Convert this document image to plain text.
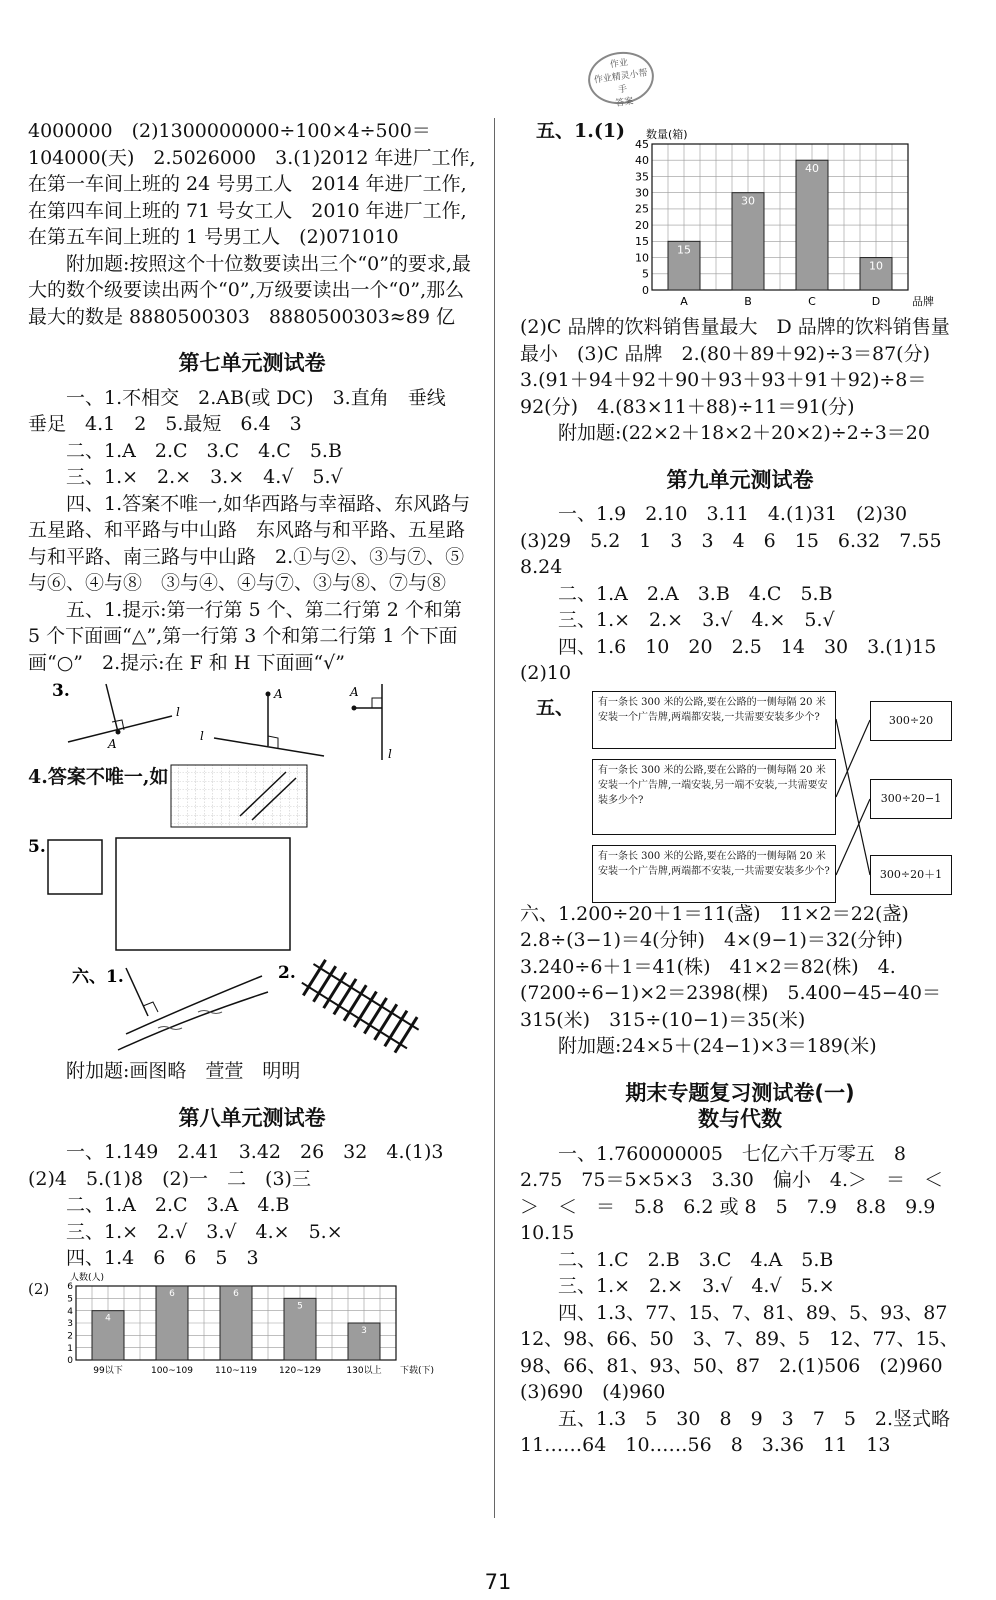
作业
作业精灵小帮手
答案

4000000　(2)1300000000÷100×4÷500＝104000(天)　2.5026000　3.(1)2012 年进厂工作,在第一车间上班的 24 号男工人　2014 年进厂工作,在第四车间上班的 71 号女工人　2010 年进厂工作,在第五车间上班的 1 号男工人　(2)071010

附加题:按照这个十位数要读出三个“0”的要求,最大的数个级要读出两个“0”,万级要读出一个“0”,那么最大的数是 8880500303　8880500303≈89 亿

第七单元测试卷

一、1.不相交　2.AB(或 DC)　3.直角　垂线　垂足　4.1　2　5.最短　6.4　3

二、1.A　2.C　3.C　4.C　5.B

三、1.×　2.×　3.×　4.√　5.√

四、1.答案不唯一,如华西路与幸福路、东风路与五星路、和平路与中山路　东风路与和平路、五星路与和平路、南三路与中山路　2.①与②、③与⑦、⑤与⑥、④与⑧　③与④、④与⑦、③与⑧、⑦与⑧

五、1.提示:第一行第 5 个、第二行第 2 个和第 5 个下面画“△”,第一行第 3 个和第二行第 1 个下面画“○”　2.提示:在 F 和 H 下面画“√”

3.
A
l
A
l
A
l
4.答案不唯一,如
5.
六、1.	2.

附加题:画图略　萱萱　明明

第八单元测试卷

一、1.149　2.41　3.42　26　32　4.(1)3　(2)4　5.(1)8　(2)一　二　(3)三

二、1.A　2.C　3.A　4.B

三、1.×　2.√　3.√　4.×　5.×

四、1.4　6　6　5　3

(2)
0
1
2
3
4
5
6
4
99以下
6
100~109
6
110~119
5
120~129
3
130以上
人数(人)
下载(下)
五、1.(1)
0
5
10
15
20
25
30
35
40
45
15
A
30
B
40
C
10
D
数量(箱)
品牌

(2)C 品牌的饮料销售量最大　D 品牌的饮料销售量最小　(3)C 品牌　2.(80＋89＋92)÷3＝87(分)　3.(91＋94＋92＋90＋93＋93＋91＋92)÷8＝92(分)　4.(83×11＋88)÷11＝91(分)

附加题:(22×2＋18×2＋20×2)÷2÷3＝20

第九单元测试卷

一、1.9　2.10　3.11　4.(1)31　(2)30　(3)29　5.2　1　3　3　4　6　15　6.32　7.55　8.24

二、1.A　2.A　3.B　4.C　5.B

三、1.×　2.×　3.√　4.×　5.√

四、1.6　10　20　2.5　14　30　3.(1)15　(2)10

五、	有一条长 300 米的公路,要在公路的一侧每隔 20 米安装一个广告牌,两端都安装,一共需要安装多少个?
有一条长 300 米的公路,要在公路的一侧每隔 20 米安装一个广告牌,一端安装,另一端不安装,一共需要安装多少个?
有一条长 300 米的公路,要在公路的一侧每隔 20 米安装一个广告牌,两端都不安装,一共需要安装多少个?
300÷20
300÷20−1
300÷20＋1

六、1.200÷20＋1＝11(盏)　11×2＝22(盏)　2.8÷(3−1)＝4(分钟)　4×(9−1)＝32(分钟)　3.240÷6＋1＝41(株)　41×2＝82(株)　4.(7200÷6−1)×2＝2398(棵)　5.400−45−40＝315(米)　315÷(10−1)＝35(米)

附加题:24×5＋(24−1)×3＝189(米)

期末专题复习测试卷(一)
数与代数

一、1.760000005　七亿六千万零五　8　2.75　75＝5×5×3　3.30　偏小　4.＞　＝　＜　＞　＜　＝　5.8　6.2 或 8　5　7.9　8.8　9.9　10.15

二、1.C　2.B　3.C　4.A　5.B

三、1.×　2.×　3.√　4.√　5.×

四、1.3、77、15、7、81、89、5、93、87　12、98、66、50　3、7、89、5　12、77、15、98、66、81、93、50、87　2.(1)506　(2)960　(3)690　(4)960

五、1.3　5　30　8　9　3　7　5　2.竖式略　11……64　10……56　8　3.36　11　13

71
